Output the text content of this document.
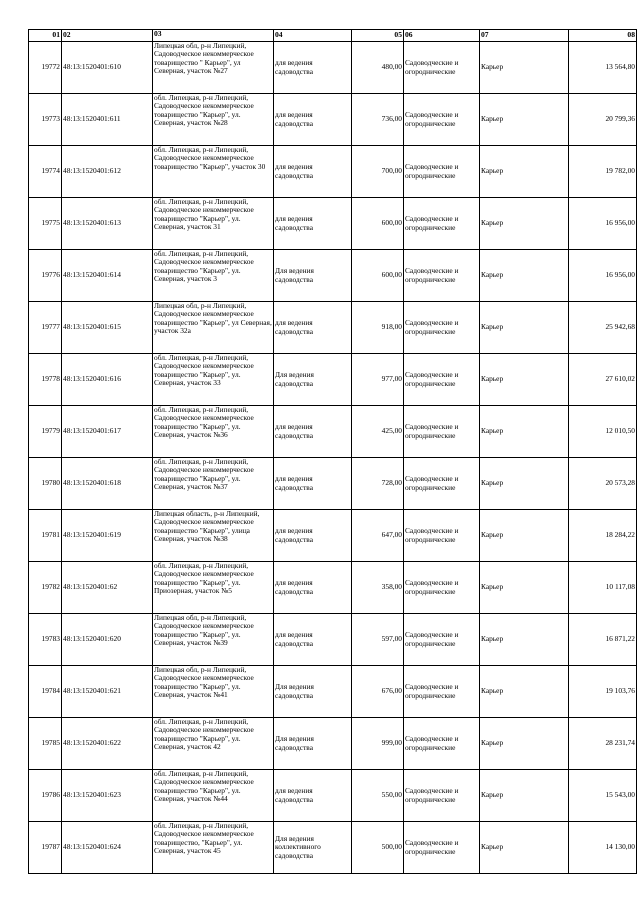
01	02	03	04	05	06	07	08
19772	48:13:1520401:610	Липецкая обл, р-н Липецкий, Садоводческое некоммерческое товарищество " Карьер", ул Северная, участок №27	для ведения садоводства	480,00	Садоводческие и огороднические	Карьер	13 564,80
19773	48:13:1520401:611	обл. Липецкая, р-н Липецкий, Садоводческое некоммерческое товарищество "Карьер", ул. Северная, участок №28	для ведения садоводства	736,00	Садоводческие и огороднические	Карьер	20 799,36
19774	48:13:1520401:612	обл. Липецкая, р-н Липецкий, Садоводческое некоммерческое товарищество "Карьер", участок 30	для ведения садоводства	700,00	Садоводческие и огороднические	Карьер	19 782,00
19775	48:13:1520401:613	обл. Липецкая, р-н Липецкий, Садоводческое некоммерческое товарищество "Карьер", ул. Северная, участок 31	для ведения садоводства	600,00	Садоводческие и огороднические	Карьер	16 956,00
19776	48:13:1520401:614	обл. Липецкая, р-н Липецкий, Садоводческое некоммерческое товарищество "Карьер", ул. Северная, участок 3	Для ведения садоводства	600,00	Садоводческие и огороднические	Карьер	16 956,00
19777	48:13:1520401:615	Липецкая обл, р-н Липецкий, Садоводческое некоммерческое товарищество "Карьер", ул Северная, участок 32а	для ведения садоводства	918,00	Садоводческие и огороднические	Карьер	25 942,68
19778	48:13:1520401:616	обл. Липецкая, р-н Липецкий, Садоводческое некоммерческое товарищество "Карьер", ул. Северная, участок 33	Для ведения садоводства	977,00	Садоводческие и огороднические	Карьер	27 610,02
19779	48:13:1520401:617	обл. Липецкая, р-н Липецкий, Садоводческое некоммерческое товарищество "Карьер", ул. Северная, участок №36	для ведения садоводства	425,00	Садоводческие и огороднические	Карьер	12 010,50
19780	48:13:1520401:618	обл. Липецкая, р-н Липецкий, Садоводческое некоммерческое товарищество "Карьер", ул. Северная, участок №37	для ведения садоводства	728,00	Садоводческие и огороднические	Карьер	20 573,28
19781	48:13:1520401:619	Липецкая область, р-н Липецкий, Садоводческое некоммерческое товарищество "Карьер", улица Северная, участок №38	для ведения садоводства	647,00	Садоводческие и огороднические	Карьер	18 284,22
19782	48:13:1520401:62	обл. Липецкая, р-н Липецкий, Садоводческое некоммерческое товарищество "Карьер", ул. Приозерная, участок №5	для ведения садоводства	358,00	Садоводческие и огороднические	Карьер	10 117,08
19783	48:13:1520401:620	Липецкая обл, р-н Липецкий, Садоводческое некоммерческое товарищество "Карьер", ул. Северная, участок №39	для ведения садоводства	597,00	Садоводческие и огороднические	Карьер	16 871,22
19784	48:13:1520401:621	Липецкая обл, р-н Липецкий, Садоводческое некоммерческое товарищество "Карьер", ул. Северная, участок №41	Для ведения садоводства	676,00	Садоводческие и огороднические	Карьер	19 103,76
19785	48:13:1520401:622	обл. Липецкая, р-н Липецкий, Садоводческое некоммерческое товарищество "Карьер", ул. Северная, участок 42	Для ведения садоводства	999,00	Садоводческие и огороднические	Карьер	28 231,74
19786	48:13:1520401:623	обл. Липецкая, р-н Липецкий, Садоводческое некоммерческое товарищество "Карьер", ул. Северная, участок №44	для ведения садоводства	550,00	Садоводческие и огороднические	Карьер	15 543,00
19787	48:13:1520401:624	обл. Липецкая, р-н Липецкий, Садоводческое некоммерческое товарищество, "Карьер", ул. Северная, участок 45	Для ведения коллективного садоводства	500,00	Садоводческие и огороднические	Карьер	14 130,00
